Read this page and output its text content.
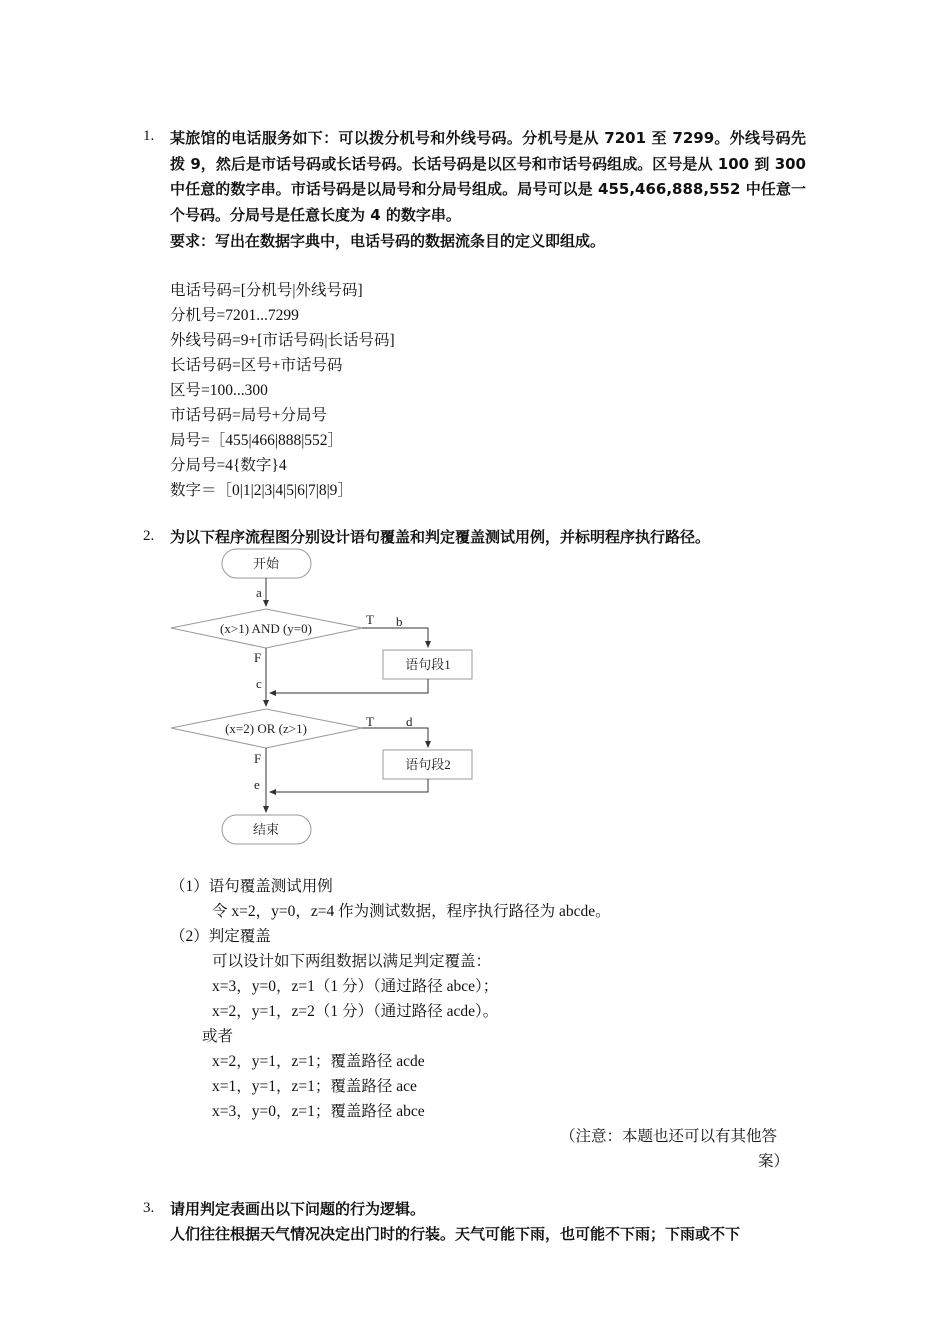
1. 某旅馆的电话服务如下：可以拨分机号和外线号码。分机号是从 7201 至 7299。外线号码先拨 9，然后是市话号码或长话号码。长话号码是以区号和市话号码组成。区号是从 100 到 300 中任意的数字串。市话号码是以局号和分局号组成。局号可以是 455,466,888,552 中任意一个号码。分局号是任意长度为 4 的数字串。
要求：写出在数据字典中，电话号码的数据流条目的定义即组成。
电话号码=[分机号|外线号码]
分机号=7201...7299
外线号码=9+[市话号码|长话号码]
长话号码=区号+市话号码
区号=100...300
市话号码=局号+分局号
局号=［455|466|888|552］
分局号=4{数字}4
数字＝［0|1|2|3|4|5|6|7|8|9］
2. 为以下程序流程图分别设计语句覆盖和判定覆盖测试用例，并标明程序执行路径。
开始
(x>1) AND (y=0)
语句段1
(x=2) OR (z>1)
语句段2
结束
a
T b
F
c
T d
F
e
（1）语句覆盖测试用例
令 x=2，y=0，z=4 作为测试数据，程序执行路径为 abcde。
（2）判定覆盖
可以设计如下两组数据以满足判定覆盖：
x=3，y=0，z=1（1 分）（通过路径 abce）；
x=2，y=1，z=2（1 分）（通过路径 acde）。
或者
x=2，y=1，z=1；覆盖路径 acde
x=1，y=1，z=1；覆盖路径 ace
x=3，y=0，z=1；覆盖路径 abce
（注意：本题也还可以有其他答
案）
3. 请用判定表画出以下问题的行为逻辑。
人们往往根据天气情况决定出门时的行装。天气可能下雨，也可能不下雨；下雨或不下
